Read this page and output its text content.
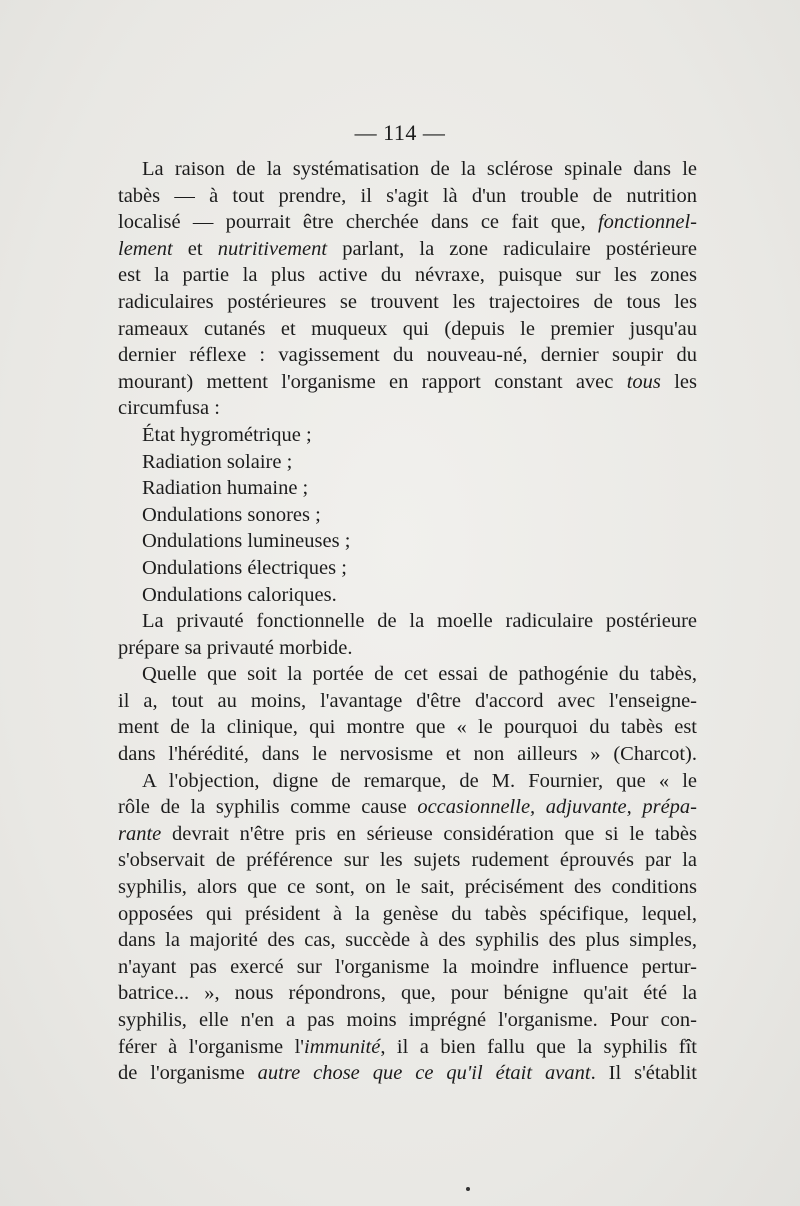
— 114 —
La raison de la systématisation de la sclérose spinale dans le
tabès — à tout prendre, il s'agit là d'un trouble de nutrition
localisé — pourrait être cherchée dans ce fait que, fonctionnel-
lement et nutritivement parlant, la zone radiculaire postérieure
est la partie la plus active du névraxe, puisque sur les zones
radiculaires postérieures se trouvent les trajectoires de tous les
rameaux cutanés et muqueux qui (depuis le premier jusqu'au
dernier réflexe : vagissement du nouveau-né, dernier soupir du
mourant) mettent l'organisme en rapport constant avec tous les
circumfusa :
État hygrométrique ;
Radiation solaire ;
Radiation humaine ;
Ondulations sonores ;
Ondulations lumineuses ;
Ondulations électriques ;
Ondulations caloriques.
La privauté fonctionnelle de la moelle radiculaire postérieure
prépare sa privauté morbide.
Quelle que soit la portée de cet essai de pathogénie du tabès,
il a, tout au moins, l'avantage d'être d'accord avec l'enseigne-
ment de la clinique, qui montre que « le pourquoi du tabès est
dans l'hérédité, dans le nervosisme et non ailleurs » (Charcot).
A l'objection, digne de remarque, de M. Fournier, que « le
rôle de la syphilis comme cause occasionnelle, adjuvante, prépa-
rante devrait n'être pris en sérieuse considération que si le tabès
s'observait de préférence sur les sujets rudement éprouvés par la
syphilis, alors que ce sont, on le sait, précisément des conditions
opposées qui président à la genèse du tabès spécifique, lequel,
dans la majorité des cas, succède à des syphilis des plus simples,
n'ayant pas exercé sur l'organisme la moindre influence pertur-
batrice... », nous répondrons, que, pour bénigne qu'ait été la
syphilis, elle n'en a pas moins imprégné l'organisme. Pour con-
férer à l'organisme l'immunité, il a bien fallu que la syphilis fît
de l'organisme autre chose que ce qu'il était avant. Il s'établit
